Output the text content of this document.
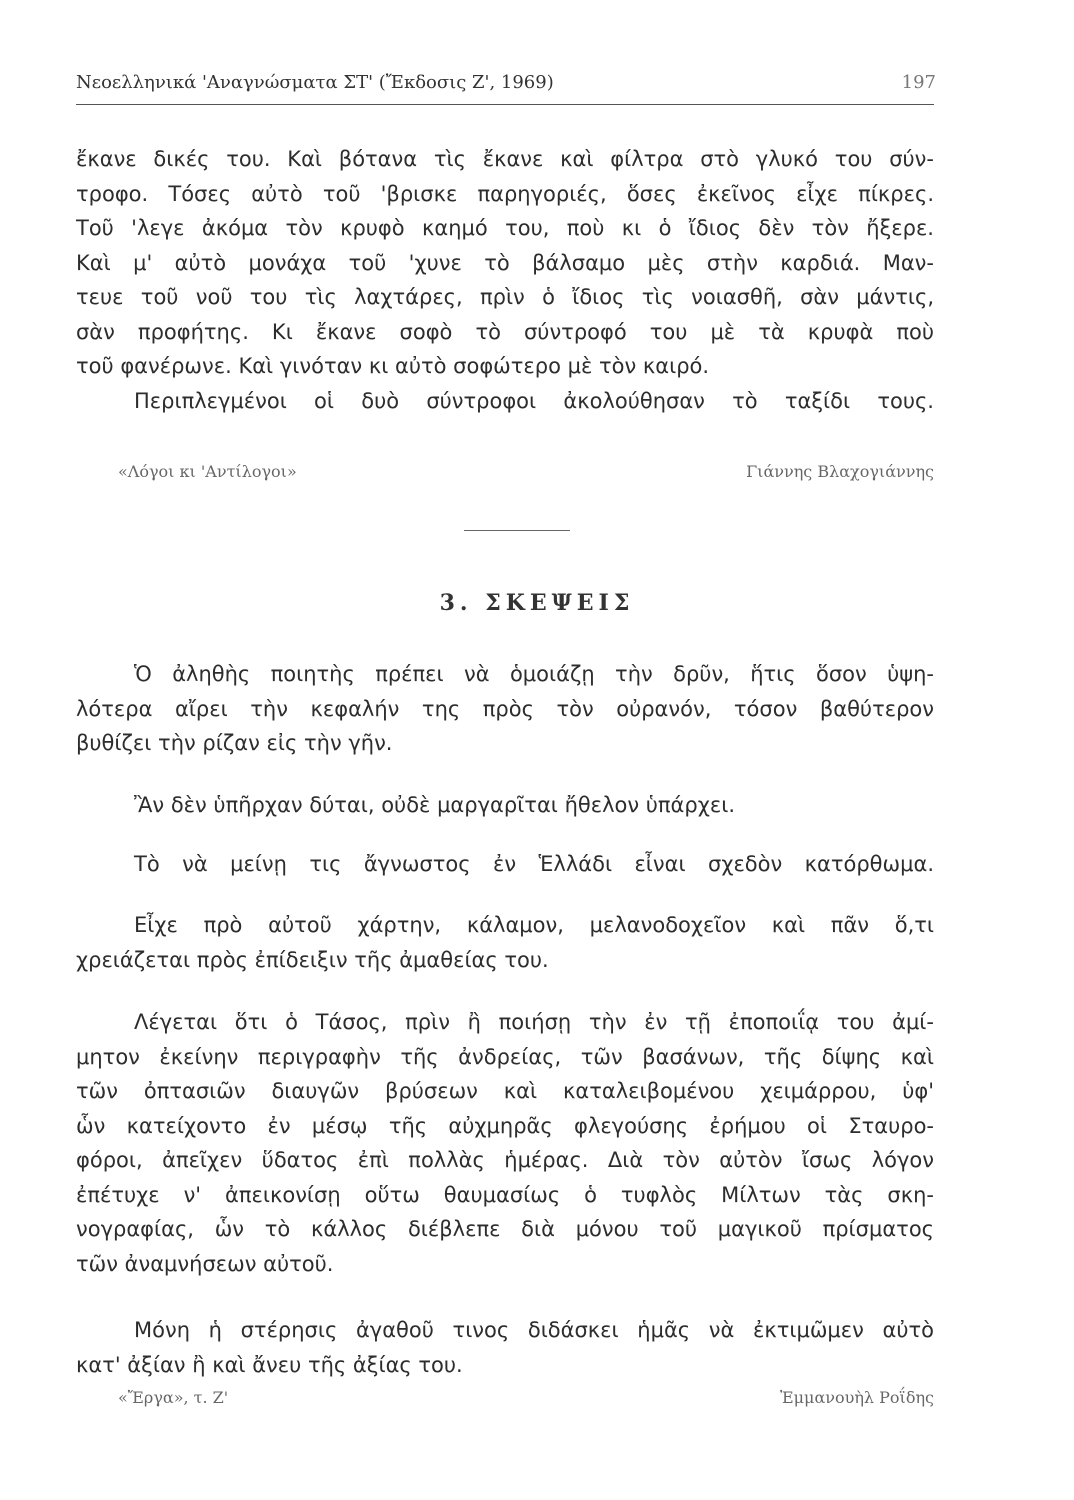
Νεοελληνικά 'Αναγνώσματα ΣΤ' (Ἔκδοσις Ζ', 1969)	197
ἔκανε δικές του. Καὶ βότανα τὶς ἔκανε καὶ φίλτρα στὸ γλυκό του σύν-
τροφο. Τόσες αὐτὸ τοῦ 'βρισκε παρηγοριές, ὅσες ἐκεῖνος εἶχε πίκρες.
Τοῦ 'λεγε ἀκόμα τὸν κρυφὸ καημό του, ποὺ κι ὁ ἴδιος δὲν τὸν ἤξερε.
Καὶ μ' αὐτὸ μονάχα τοῦ 'χυνε τὸ βάλσαμο μὲς στὴν καρδιά. Μαν-
τευε τοῦ νοῦ του τὶς λαχτάρες, πρὶν ὁ ἴδιος τὶς νοιασθῆ, σὰν μάντις,
σὰν προφήτης. Κι ἔκανε σοφὸ τὸ σύντροφό του μὲ τὰ κρυφὰ ποὺ
τοῦ φανέρωνε. Καὶ γινόταν κι αὐτὸ σοφώτερο μὲ τὸν καιρό.
Περιπλεγμένοι οἱ δυὸ σύντροφοι ἀκολούθησαν τὸ ταξίδι τους.
«Λόγοι κι 'Αντίλογοι»	Γιάννης Βλαχογιάννης
3. ΣΚΕΨΕΙΣ
Ὁ ἀληθὴς ποιητὴς πρέπει νὰ ὁμοιάζῃ τὴν δρῦν, ἥτις ὅσον ὑψη-
λότερα αἴρει τὴν κεφαλήν της πρὸς τὸν οὐρανόν, τόσον βαθύτερον
βυθίζει τὴν ρίζαν εἰς τὴν γῆν.
Ἂν δὲν ὑπῆρχαν δύται, οὐδὲ μαργαρῖται ἤθελον ὑπάρχει.
Τὸ νὰ μείνῃ τις ἄγνωστος ἐν Ἑλλάδι εἶναι σχεδὸν κατόρθωμα.
Εἶχε πρὸ αὐτοῦ χάρτην, κάλαμον, μελανοδοχεῖον καὶ πᾶν ὅ,τι
χρειάζεται πρὸς ἐπίδειξιν τῆς ἀμαθείας του.
Λέγεται ὅτι ὁ Τάσος, πρὶν ἢ ποιήσῃ τὴν ἐν τῇ ἐποποιΐᾳ του ἀμί-
μητον ἐκείνην περιγραφὴν τῆς ἀνδρείας, τῶν βασάνων, τῆς δίψης καὶ
τῶν ὀπτασιῶν διαυγῶν βρύσεων καὶ καταλειβομένου χειμάρρου, ὑφ'
ὧν κατείχοντο ἐν μέσῳ τῆς αὐχμηρᾶς φλεγούσης ἐρήμου οἱ Σταυρο-
φόροι, ἀπεῖχεν ὕδατος ἐπὶ πολλὰς ἡμέρας. Διὰ τὸν αὐτὸν ἴσως λόγον
ἐπέτυχε ν' ἀπεικονίσῃ οὕτω θαυμασίως ὁ τυφλὸς Μίλτων τὰς σκη-
νογραφίας, ὧν τὸ κάλλος διέβλεπε διὰ μόνου τοῦ μαγικοῦ πρίσματος
τῶν ἀναμνήσεων αὐτοῦ.
Μόνη ἡ στέρησις ἀγαθοῦ τινος διδάσκει ἡμᾶς νὰ ἐκτιμῶμεν αὐτὸ
κατ' ἀξίαν ἢ καὶ ἄνευ τῆς ἀξίας του.
«Ἔργα», τ. Ζ'	Ἐμμανουὴλ Ροΐδης
